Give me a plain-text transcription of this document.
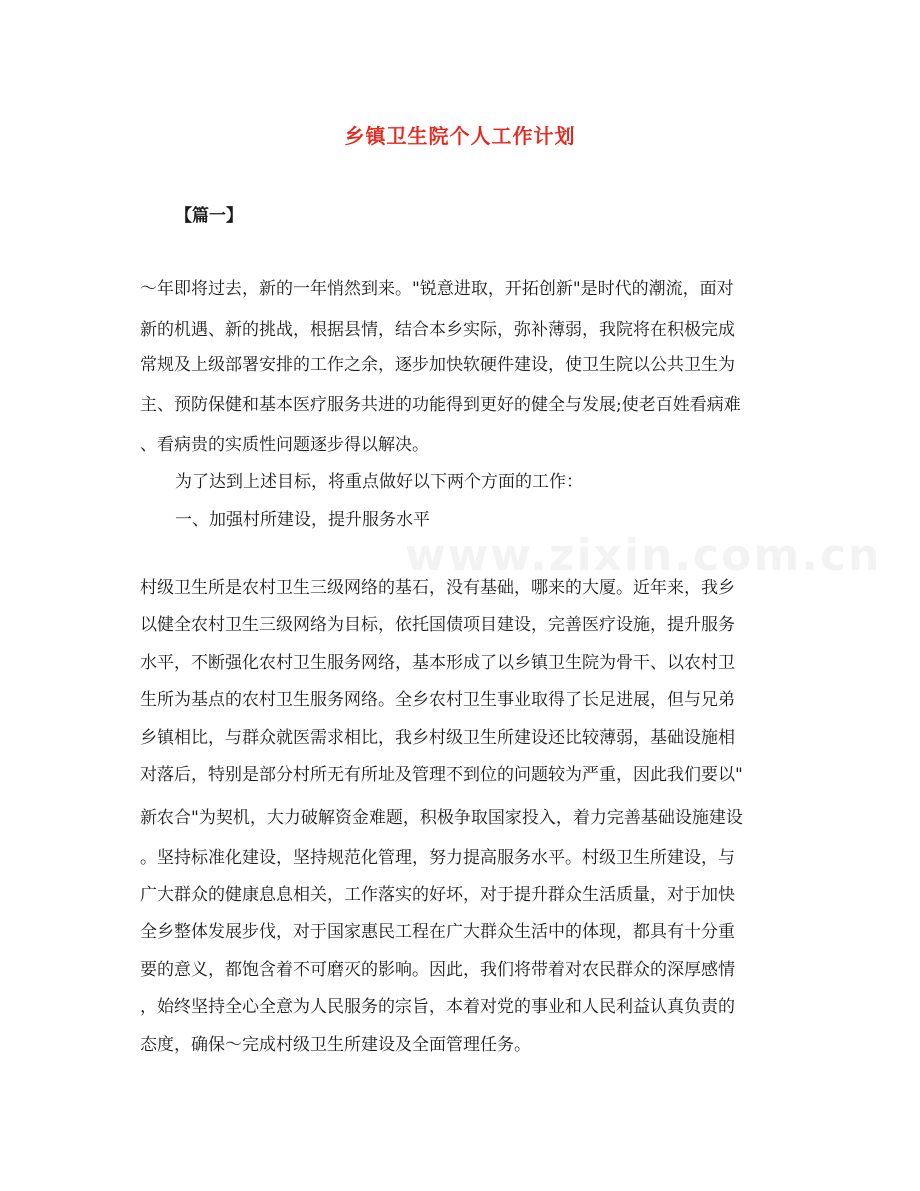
乡镇卫生院个人工作计划
【篇一】
～年即将过去，新的一年悄然到来。"锐意进取，开拓创新"是时代的潮流，面对
新的机遇、新的挑战，根据县情，结合本乡实际，弥补薄弱，我院将在积极完成
常规及上级部署安排的工作之余，逐步加快软硬件建设，使卫生院以公共卫生为
主、预防保健和基本医疗服务共进的功能得到更好的健全与发展;使老百姓看病难
、看病贵的实质性问题逐步得以解决。
为了达到上述目标，将重点做好以下两个方面的工作：
一、加强村所建设，提升服务水平
村级卫生所是农村卫生三级网络的基石，没有基础，哪来的大厦。近年来，我乡
以健全农村卫生三级网络为目标，依托国债项目建设，完善医疗设施，提升服务
水平，不断强化农村卫生服务网络，基本形成了以乡镇卫生院为骨干、以农村卫
生所为基点的农村卫生服务网络。全乡农村卫生事业取得了长足进展，但与兄弟
乡镇相比，与群众就医需求相比，我乡村级卫生所建设还比较薄弱，基础设施相
对落后，特别是部分村所无有所址及管理不到位的问题较为严重，因此我们要以"
新农合"为契机，大力破解资金难题，积极争取国家投入，着力完善基础设施建设
。坚持标准化建设，坚持规范化管理，努力提高服务水平。村级卫生所建设，与
广大群众的健康息息相关，工作落实的好坏，对于提升群众生活质量，对于加快
全乡整体发展步伐，对于国家惠民工程在广大群众生活中的体现，都具有十分重
要的意义，都饱含着不可磨灭的影响。因此，我们将带着对农民群众的深厚感情
，始终坚持全心全意为人民服务的宗旨，本着对党的事业和人民利益认真负责的
态度，确保～完成村级卫生所建设及全面管理任务。
